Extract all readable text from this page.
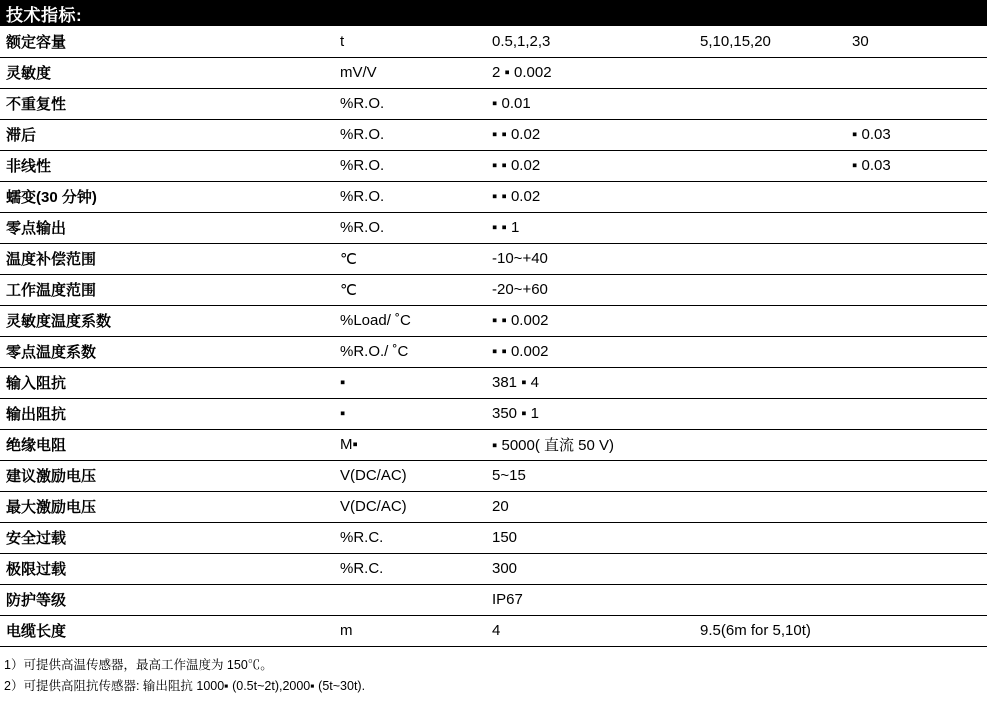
技术指标:
额定容量	t	0.5,1,2,3	5,10,15,20	30
灵敏度	mV/V	2 ▪ 0.002		
不重复性	%R.O.	▪ 0.01		
滞后	%R.O.	▪ ▪ 0.02		▪ 0.03
非线性	%R.O.	▪ ▪ 0.02		▪ 0.03
蠕变(30 分钟)	%R.O.	▪ ▪ 0.02		
零点输出	%R.O.	▪ ▪ 1		
温度补偿范围	℃	-10~+40		
工作温度范围	℃	-20~+60		
灵敏度温度系数	%Load/ ˚C	▪ ▪ 0.002		
零点温度系数	%R.O./ ˚C	▪ ▪ 0.002		
输入阻抗	▪	381 ▪ 4		
输出阻抗	▪	350 ▪ 1		
绝缘电阻	M▪	▪ 5000( 直流 50 V)		
建议激励电压	V(DC/AC)	5~15		
最大激励电压	V(DC/AC)	20		
安全过载	%R.C.	150		
极限过载	%R.C.	300		
防护等级		IP67		
电缆长度	m	4	9.5(6m for 5,10t)	
1）可提供高温传感器，最高工作温度为 150℃。
2）可提供高阻抗传感器: 输出阻抗 1000▪ (0.5t~2t),2000▪ (5t~30t).
